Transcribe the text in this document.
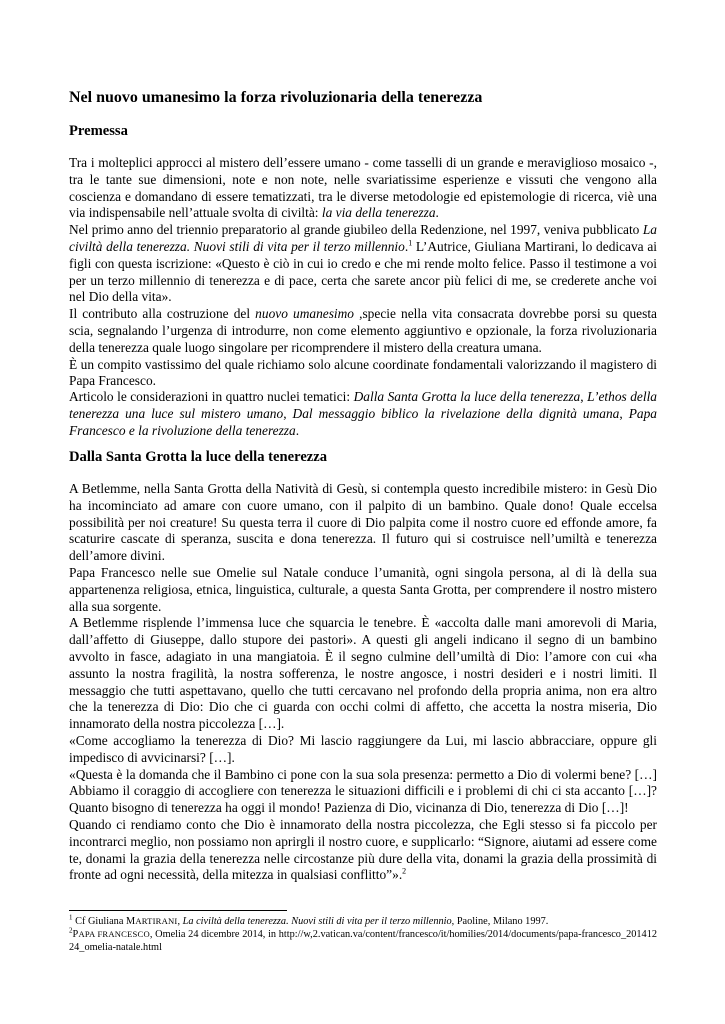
Nel nuovo umanesimo la forza rivoluzionaria della tenerezza
Premessa

Tra i molteplici approcci al mistero dell’essere umano - come tasselli di un grande e meraviglioso mosaico -, tra le tante sue dimensioni, note e non note, nelle svariatissime esperienze e vissuti che vengono alla coscienza e domandano di essere tematizzati, tra le diverse metodologie ed epistemologie di ricerca, viè una via indispensabile nell’attuale svolta di civiltà: la via della tenerezza.

Nel primo anno del triennio preparatorio al grande giubileo della Redenzione, nel 1997, veniva pubblicato La civiltà della tenerezza. Nuovi stili di vita per il terzo millennio.$^1$ L’Autrice, Giuliana Martirani, lo dedicava ai figli con questa iscrizione: «Questo è ciò in cui io credo e che mi rende molto felice. Passo il testimone a voi per un terzo millennio di tenerezza e di pace, certa che sarete ancor più felici di me, se crederete anche voi nel Dio della vita».

Il contributo alla costruzione del nuovo umanesimo ,specie nella vita consacrata dovrebbe porsi su questa scia, segnalando l’urgenza di introdurre, non come elemento aggiuntivo e opzionale, la forza rivoluzionaria della tenerezza quale luogo singolare per ricomprendere il mistero della creatura umana.

È un compito vastissimo del quale richiamo solo alcune coordinate fondamentali valorizzando il magistero di Papa Francesco.

Articolo le considerazioni in quattro nuclei tematici: Dalla Santa Grotta la luce della tenerezza, L’ethos della tenerezza una luce sul mistero umano, Dal messaggio biblico la rivelazione della dignità umana, Papa Francesco e la rivoluzione della tenerezza.

Dalla Santa Grotta la luce della tenerezza

A Betlemme, nella Santa Grotta della Natività di Gesù, si contempla questo incredibile mistero: in Gesù Dio ha incominciato ad amare con cuore umano, con il palpito di un bambino. Quale dono! Quale eccelsa possibilità per noi creature! Su questa terra il cuore di Dio palpita come il nostro cuore ed effonde amore, fa scaturire cascate di speranza, suscita e dona tenerezza. Il futuro qui si costruisce nell’umiltà e tenerezza dell’amore divini.

Papa Francesco nelle sue Omelie sul Natale conduce l’umanità, ogni singola persona, al di là della sua appartenenza religiosa, etnica, linguistica, culturale, a questa Santa Grotta, per comprendere il nostro mistero alla sua sorgente.

A Betlemme risplende l’immensa luce che squarcia le tenebre. È «accolta dalle mani amorevoli di Maria, dall’affetto di Giuseppe, dallo stupore dei pastori». A questi gli angeli indicano il segno di un bambino avvolto in fasce, adagiato in una mangiatoia. È il segno culmine dell’umiltà di Dio: l’amore con cui «ha assunto la nostra fragilità, la nostra sofferenza, le nostre angosce, i nostri desideri e i nostri limiti. Il messaggio che tutti aspettavano, quello che tutti cercavano nel profondo della propria anima, non era altro che la tenerezza di Dio: Dio che ci guarda con occhi colmi di affetto, che accetta la nostra miseria, Dio innamorato della nostra piccolezza […].

«Come accogliamo la tenerezza di Dio? Mi lascio raggiungere da Lui, mi lascio abbracciare, oppure gli impedisco di avvicinarsi? […].

«Questa è la domanda che il Bambino ci pone con la sua sola presenza: permetto a Dio di volermi bene? […] Abbiamo il coraggio di accogliere con tenerezza le situazioni difficili e i problemi di chi ci sta accanto […]? Quanto bisogno di tenerezza ha oggi il mondo! Pazienza di Dio, vicinanza di Dio, tenerezza di Dio […]!

Quando ci rendiamo conto che Dio è innamorato della nostra piccolezza, che Egli stesso si fa piccolo per incontrarci meglio, non possiamo non aprirgli il nostro cuore, e supplicarlo: “Signore, aiutami ad essere come te, donami la grazia della tenerezza nelle circostanze più dure della vita, donami la grazia della prossimità di fronte ad ogni necessità, della mitezza in qualsiasi conflitto”».$^2$

$^1$ Cf Giuliana MARTIRANI, La civiltà della tenerezza. Nuovi stili di vita per il terzo millennio, Paoline, Milano 1997.

$^2$PAPA FRANCESCO, Omelia 24 dicembre 2014, in http://w,2.vatican.va/content/francesco/it/homilies/2014/documents/papa-francesco_20141224_omelia-natale.html
